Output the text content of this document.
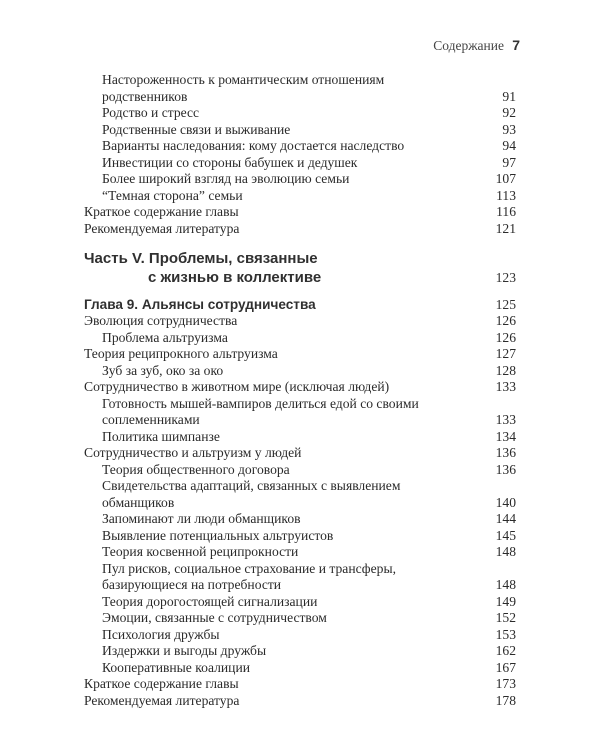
Содержание 7
Настороженность к романтическим отношениям родственников	91
Родство и стресс	92
Родственные связи и выживание	93
Варианты наследования: кому достается наследство	94
Инвестиции со стороны бабушек и дедушек	97
Более широкий взгляд на эволюцию семьи	107
“Темная сторона” семьи	113
Краткое содержание главы	116
Рекомендуемая литература	121
Часть V. Проблемы, связанные
с жизнью в коллективе	123
Глава 9. Альянсы сотрудничества	125
Эволюция сотрудничества	126
Проблема альтруизма	126
Теория реципрокного альтруизма	127
Зуб за зуб, око за око	128
Сотрудничество в животном мире (исключая людей)	133
Готовность мышей-вампиров делиться едой со своими соплеменниками	133
Политика шимпанзе	134
Сотрудничество и альтруизм у людей	136
Теория общественного договора	136
Свидетельства адаптаций, связанных с выявлением обманщиков	140
Запоминают ли люди обманщиков	144
Выявление потенциальных альтруистов	145
Теория косвенной реципрокности	148
Пул рисков, социальное страхование и трансферы, базирующиеся на потребности	148
Теория дорогостоящей сигнализации	149
Эмоции, связанные с сотрудничеством	152
Психология дружбы	153
Издержки и выгоды дружбы	162
Кооперативные коалиции	167
Краткое содержание главы	173
Рекомендуемая литература	178
